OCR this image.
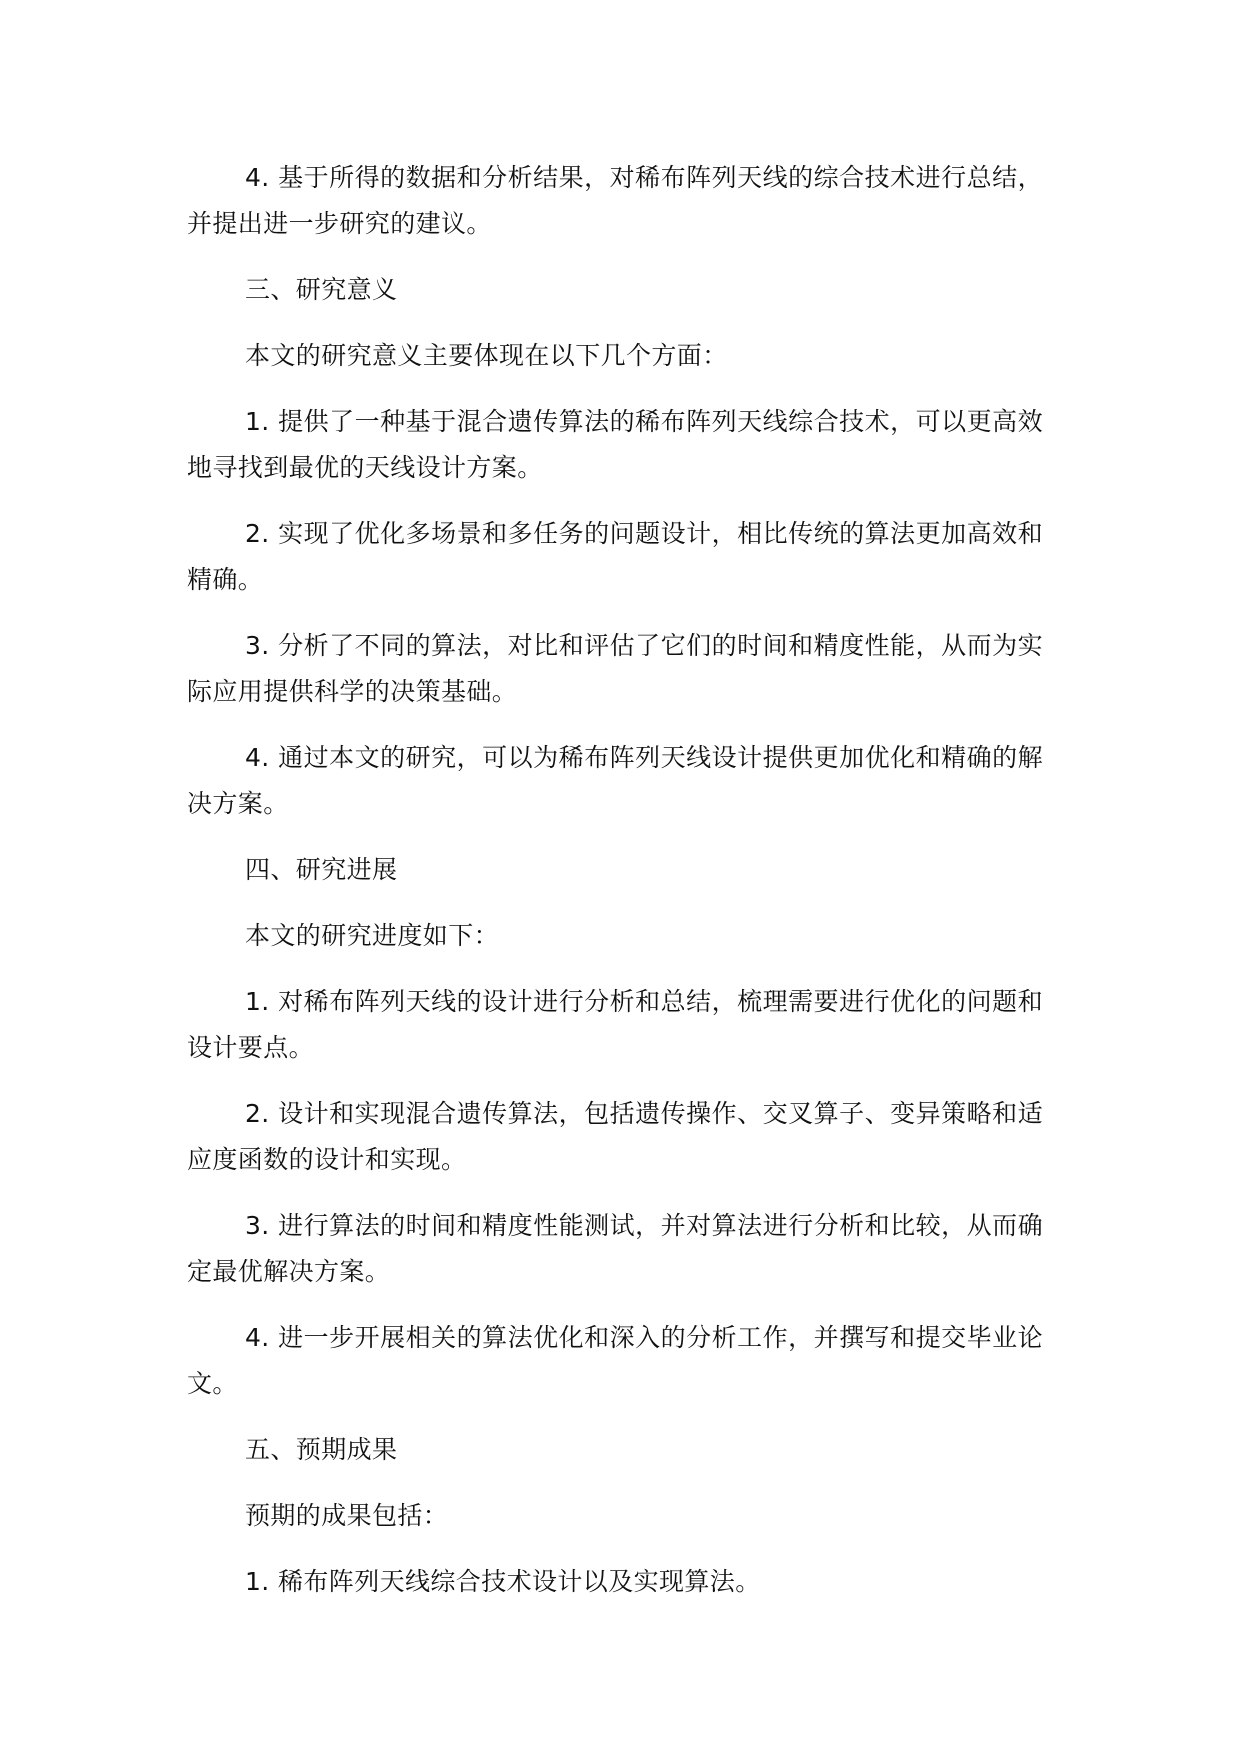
4. 基于所得的数据和分析结果，对稀布阵列天线的综合技术进行总结，并提出进一步研究的建议。

三、研究意义

本文的研究意义主要体现在以下几个方面：

1. 提供了一种基于混合遗传算法的稀布阵列天线综合技术，可以更高效地寻找到最优的天线设计方案。

2. 实现了优化多场景和多任务的问题设计，相比传统的算法更加高效和精确。

3. 分析了不同的算法，对比和评估了它们的时间和精度性能，从而为实际应用提供科学的决策基础。

4. 通过本文的研究，可以为稀布阵列天线设计提供更加优化和精确的解决方案。

四、研究进展

本文的研究进度如下：

1. 对稀布阵列天线的设计进行分析和总结，梳理需要进行优化的问题和设计要点。

2. 设计和实现混合遗传算法，包括遗传操作、交叉算子、变异策略和适应度函数的设计和实现。

3. 进行算法的时间和精度性能测试，并对算法进行分析和比较，从而确定最优解决方案。

4. 进一步开展相关的算法优化和深入的分析工作，并撰写和提交毕业论文。

五、预期成果

预期的成果包括：

1. 稀布阵列天线综合技术设计以及实现算法。
